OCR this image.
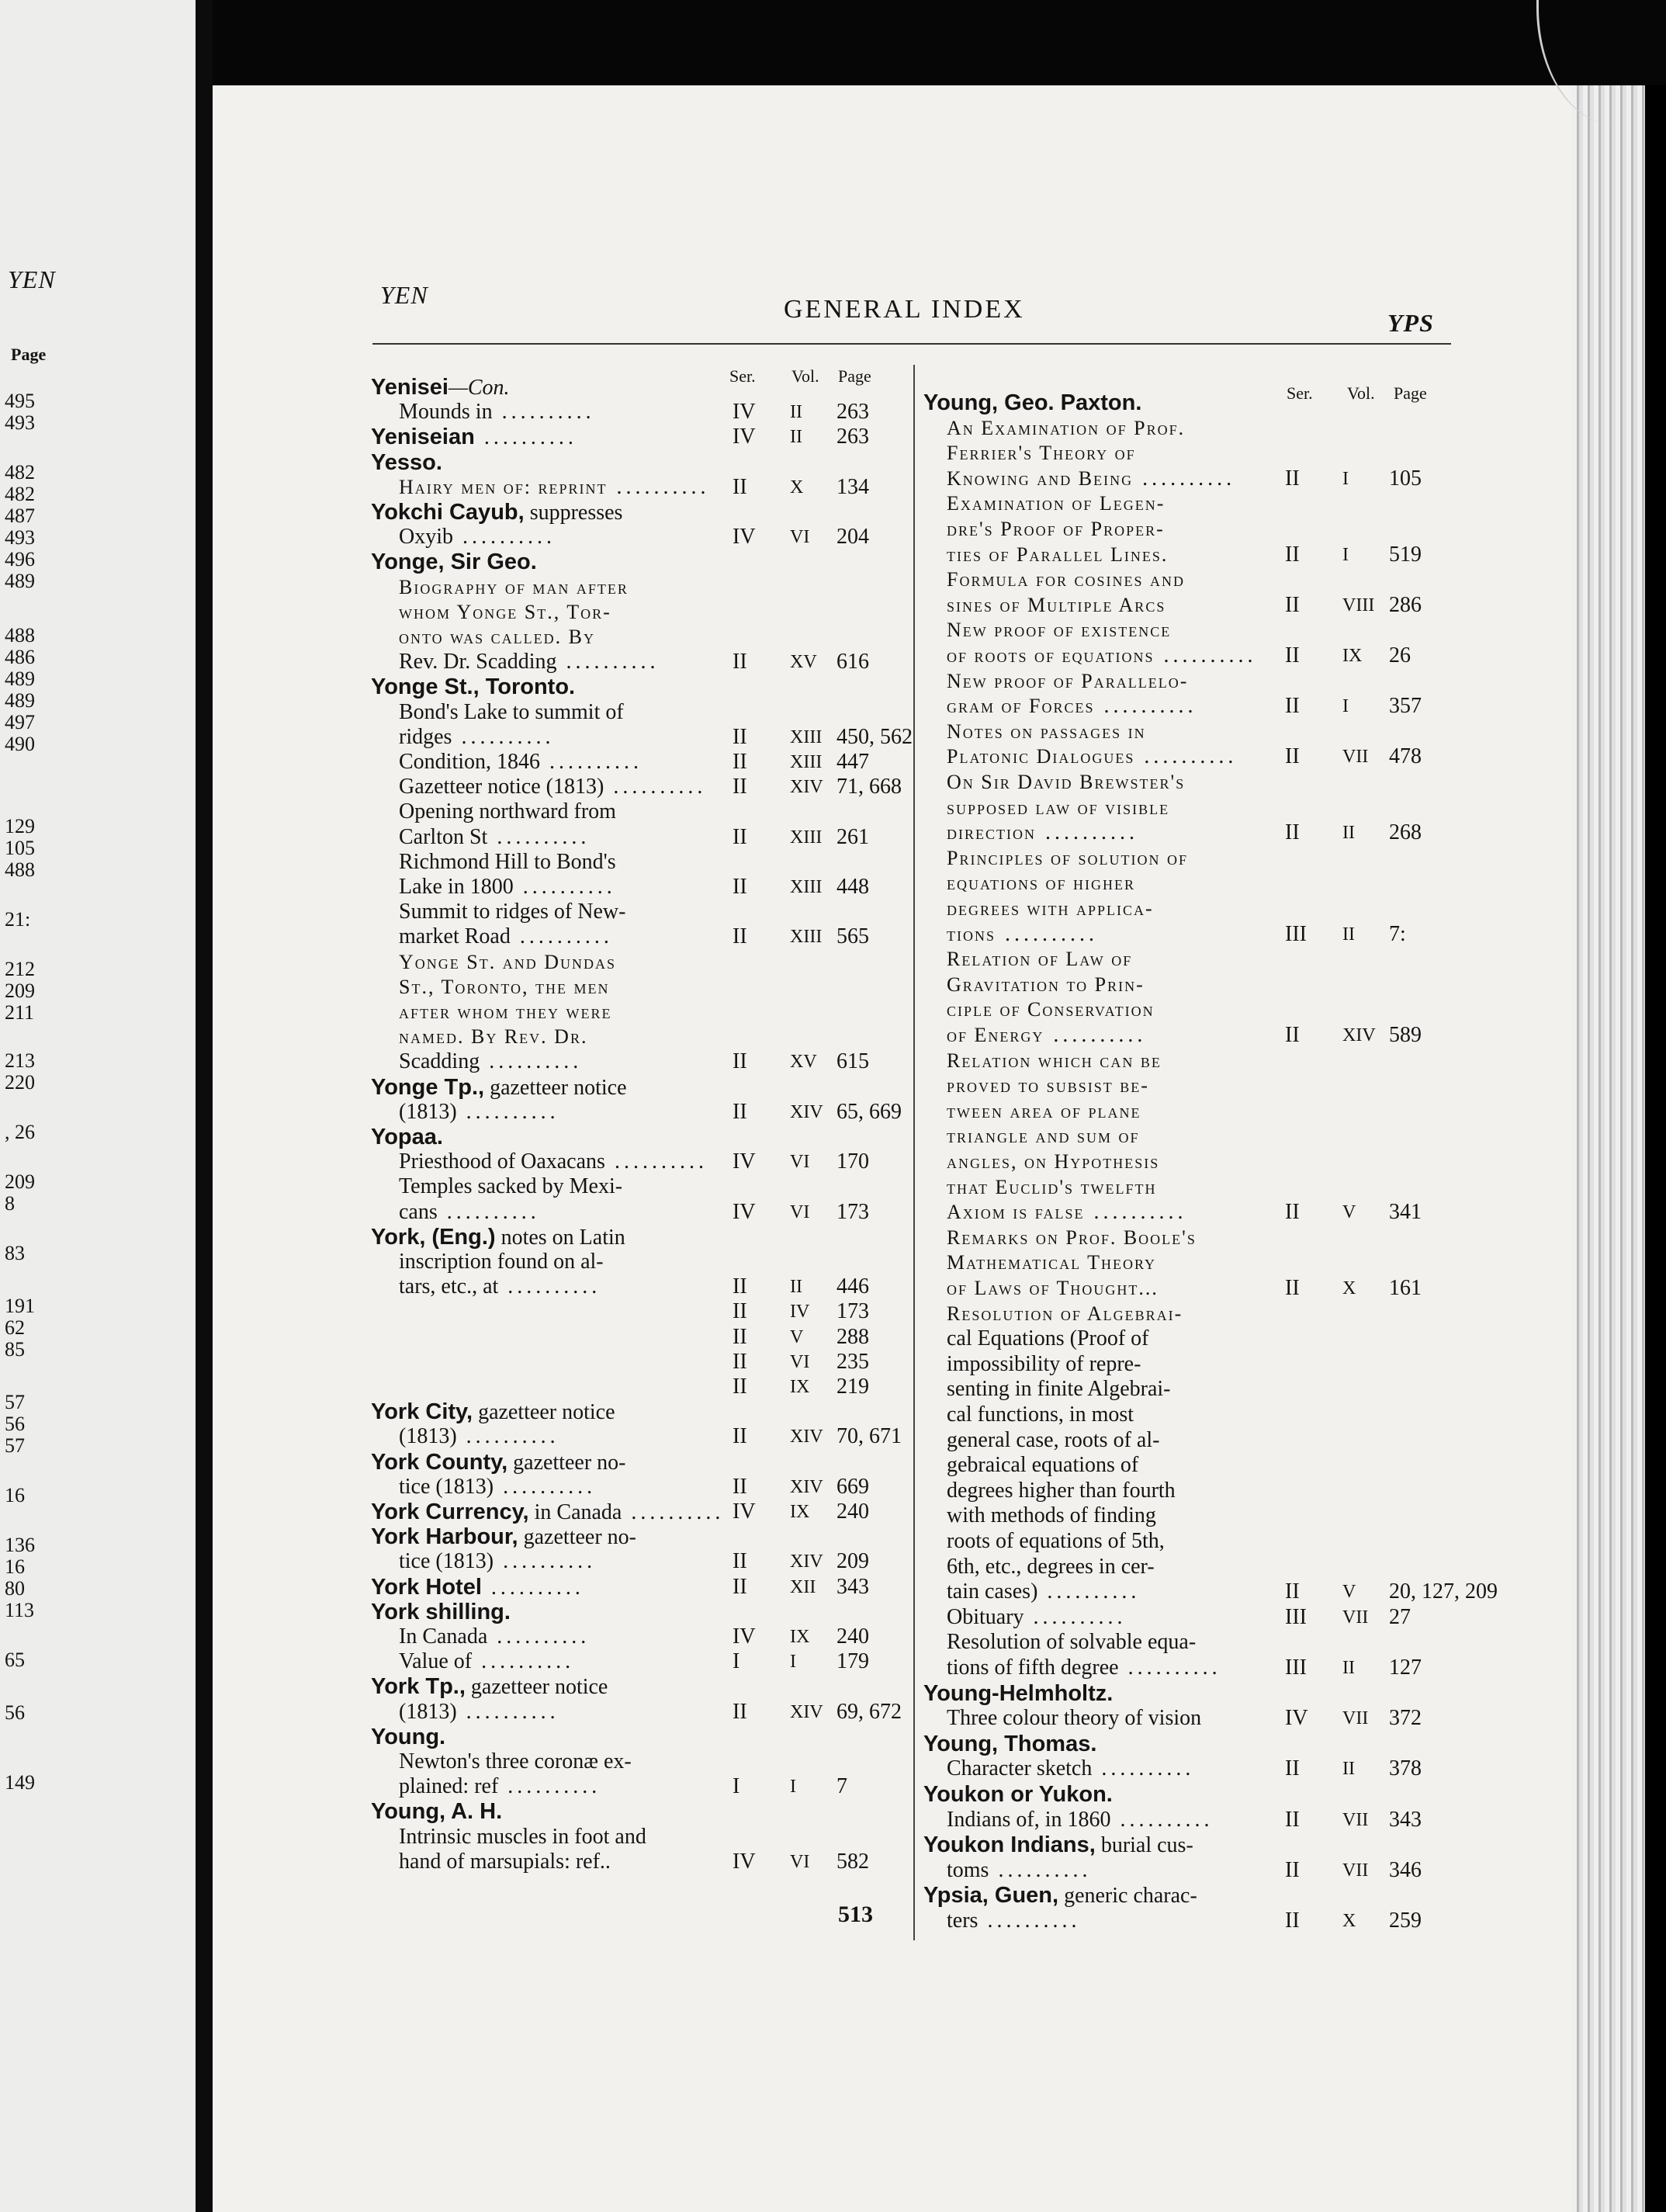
YEN
Page
495
493
482
482
487
493
496
489
488
486
489
489
497
490
129
105
488
21:
212
209
211
213
220
, 26
209
8
83
191
62
85
57
56
57
16
136
16
80
113
65
56
149
YEN	GENERAL INDEX	YPS
Ser. Vol. Page
Ser. Vol. Page
Yenisei—Con.
Mounds in ..........	IV II 263
Yeniseian ..........	IV II 263
Yesso.
Hairy men of: reprint .......... II X 134
Yokchi Cayub, suppresses
Oxyib ..........	IV VI 204
Yonge, Sir Geo.
Biography of man after
whom Yonge St., Tor-
onto was called. By
Rev. Dr. Scadding ..........	II XV 616
Yonge St., Toronto.
Bond's Lake to summit of
ridges ..........	II XIII 450, 562
Condition, 1846 ..........	II XIII 447
Gazetteer notice (1813) .......... II XIV 71, 668
Opening northward from
Carlton St ..........	II XIII 261
Richmond Hill to Bond's
Lake in 1800 ..........	II XIII 448
Summit to ridges of New-
market Road ..........	II XIII 565
Yonge St. and Dundas
St., Toronto, the men
after whom they were
named. By Rev. Dr.
Scadding ..........	II XV 615
Yonge Tp., gazetteer notice
(1813) ..........	II XIV 65, 669
Yopaa.
Priesthood of Oaxacans .......... IV VI 170
Temples sacked by Mexi-
cans ..........	IV VI 173
York, (Eng.) notes on Latin
inscription found on al-
tars, etc., at ..........	II II 446
II IV 173
II V 288
II VI 235
II IX 219
York City, gazetteer notice
(1813) ..........	II XIV 70, 671
York County, gazetteer no-
tice (1813) ..........	II XIV 669
York Currency, in Canada .......... IV IX 240
York Harbour, gazetteer no-
tice (1813) ..........	II XIV 209
York Hotel ..........	II XII 343
York shilling.
In Canada ..........	IV IX 240
Value of ..........	I	I 179
York Tp., gazetteer notice
(1813) ..........	II XIV 69, 672
Young.
Newton's three coronæ ex-
plained: ref ..........	I	I 7
Young, A. H.
Intrinsic muscles in foot and
hand of marsupials: ref..	IV VI 582
Young, Geo. Paxton.
An Examination of Prof.
Ferrier's Theory of
Knowing and Being .......... II I 105
Examination of Legen-
dre's Proof of Proper-
ties of Parallel Lines.	II I 519
Formula for cosines and
sines of Multiple Arcs	II VIII 286
New proof of existence
of roots of equations .......... II IX 26
New proof of Parallelo-
gram of Forces ..........	II I 357
Notes on passages in
Platonic Dialogues .......... II VII 478
On Sir David Brewster's
supposed law of visible
direction ..........	II II 268
Principles of solution of
equations of higher
degrees with applica-
tions ..........	III II 7:
Relation of Law of
Gravitation to Prin-
ciple of Conservation
of Energy ..........	II XIV 589
Relation which can be
proved to subsist be-
tween area of plane
triangle and sum of
angles, on Hypothesis
that Euclid's twelfth
Axiom is false ..........	II V 341
Remarks on Prof. Boole's
Mathematical Theory
of Laws of Thought...	II X 161
Resolution of Algebrai-
cal Equations (Proof of
impossibility of repre-
senting in finite Algebrai-
cal functions, in most
general case, roots of al-
gebraical equations of
degrees higher than fourth
with methods of finding
roots of equations of 5th,
6th, etc., degrees in cer-
tain cases) ..........	II V 20, 127, 209
Obituary ..........	III VII 27
Resolution of solvable equa-
tions of fifth degree ..........	III II 127
Young-Helmholtz.
Three colour theory of vision	IV VII 372
Young, Thomas.
Character sketch ..........	II II 378
Youkon or Yukon.
Indians of, in 1860 ..........	II VII 343
Youkon Indians, burial cus-
toms ..........	II VII 346
Ypsia, Guen, generic charac-
ters ..........	II X 259
513
